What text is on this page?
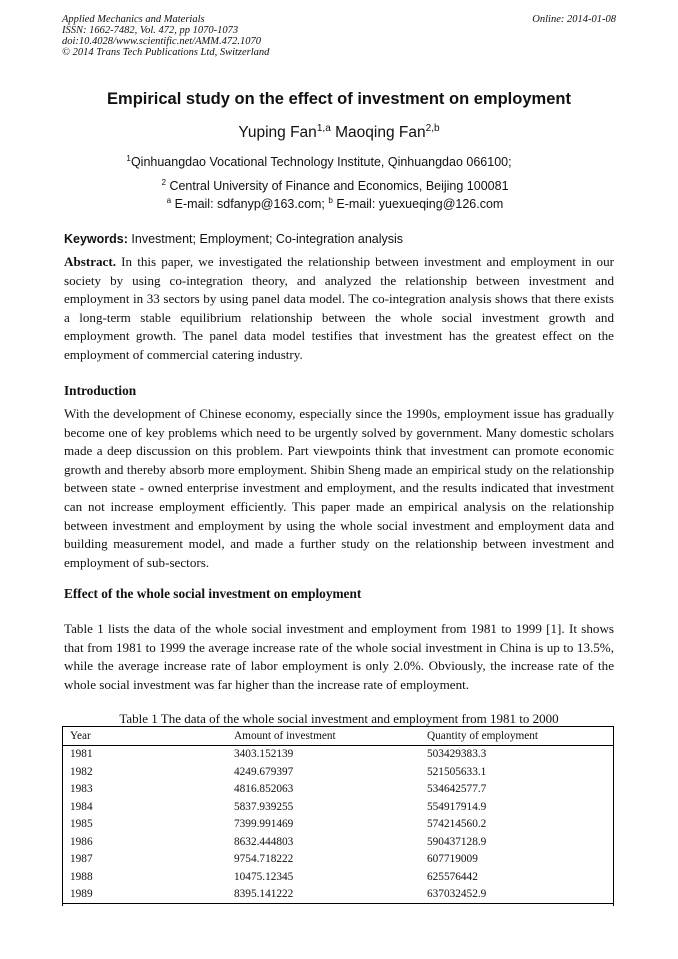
Applied Mechanics and Materials
ISSN: 1662-7482, Vol. 472, pp 1070-1073
doi:10.4028/www.scientific.net/AMM.472.1070
© 2014 Trans Tech Publications Ltd, Switzerland
Online: 2014-01-08
Empirical study on the effect of investment on employment
Yuping Fan$^{1,a}$ Maoqing Fan$^{2,b}$
$^1$Qinhuangdao Vocational Technology Institute, Qinhuangdao 066100;
$^2$ Central University of Finance and Economics, Beijing 100081
$^a$ E-mail: sdfanyp@163.com; $^b$ E-mail: yuexueqing@126.com
Keywords: Investment; Employment; Co-integration analysis
Abstract. In this paper, we investigated the relationship between investment and employment in our society by using co-integration theory, and analyzed the relationship between investment and employment in 33 sectors by using panel data model. The co-integration analysis shows that there exists a long-term stable equilibrium relationship between the whole social investment growth and employment growth. The panel data model testifies that investment has the greatest effect on the employment of commercial catering industry.
Introduction
With the development of Chinese economy, especially since the 1990s, employment issue has gradually become one of key problems which need to be urgently solved by government. Many domestic scholars made a deep discussion on this problem. Part viewpoints think that investment can promote economic growth and thereby absorb more employment. Shibin Sheng made an empirical study on the relationship between state - owned enterprise investment and employment, and the results indicated that investment can not increase employment efficiently. This paper made an empirical analysis on the relationship between investment and employment by using the whole social investment and employment data and building measurement model, and made a further study on the relationship between investment and employment of sub-sectors.
Effect of the whole social investment on employment
Table 1 lists the data of the whole social investment and employment from 1981 to 1999 [1]. It shows that from 1981 to 1999 the average increase rate of the whole social investment in China is up to 13.5%, while the average increase rate of labor employment is only 2.0%. Obviously, the increase rate of the whole social investment was far higher than the increase rate of employment.
Table 1 The data of the whole social investment and employment from 1981 to 2000
Year	Amount of investment	Quantity of employment
1981	3403.152139	503429383.3
1982	4249.679397	521505633.1
1983	4816.852063	534642577.7
1984	5837.939255	554917914.9
1985	7399.991469	574214560.2
1986	8632.444803	590437128.9
1987	9754.718222	607719009
1988	10475.12345	625576442
1989	8395.141222	637032452.9
